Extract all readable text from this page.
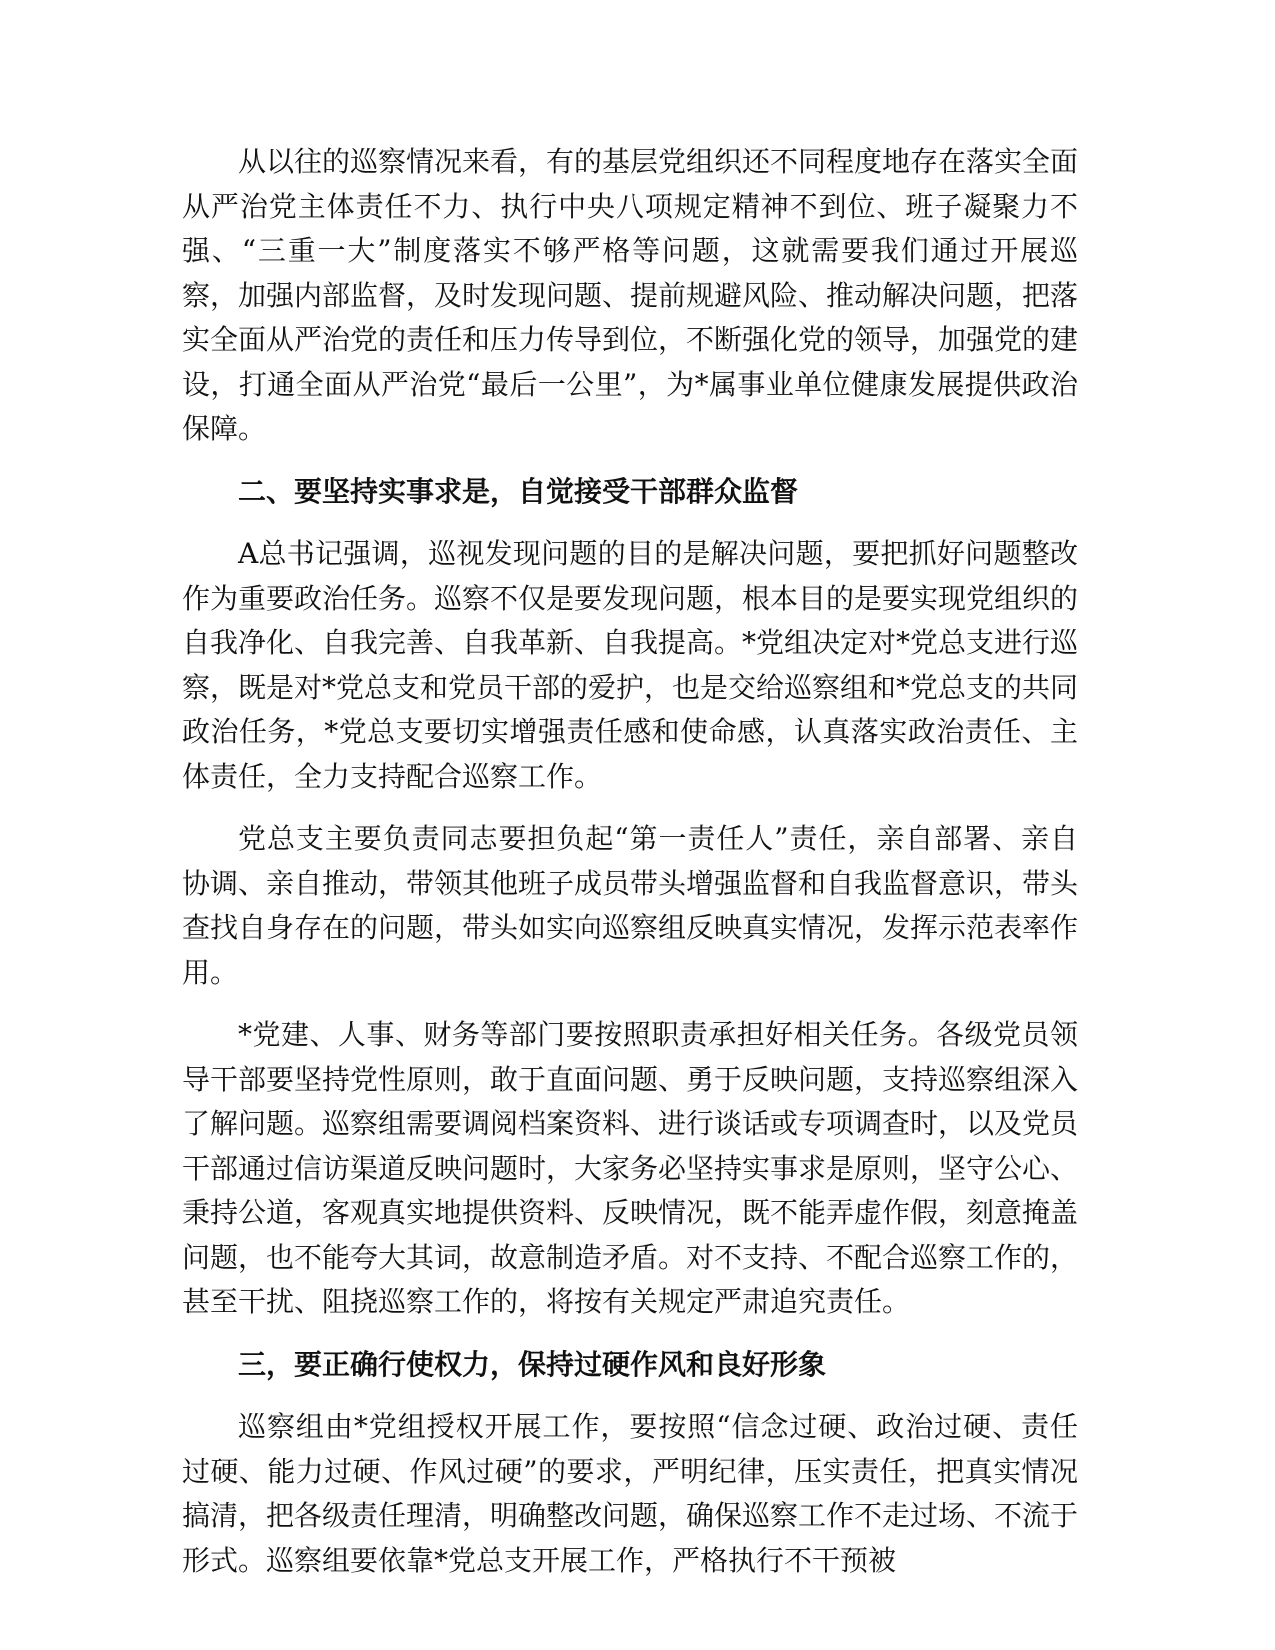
从以往的巡察情况来看，有的基层党组织还不同程度地存在落实全面从严治党主体责任不力、执行中央八项规定精神不到位、班子凝聚力不强、“三重一大”制度落实不够严格等问题，这就需要我们通过开展巡察，加强内部监督，及时发现问题、提前规避风险、推动解决问题，把落实全面从严治党的责任和压力传导到位，不断强化党的领导，加强党的建设，打通全面从严治党“最后一公里”，为*属事业单位健康发展提供政治保障。

二、要坚持实事求是，自觉接受干部群众监督

A总书记强调，巡视发现问题的目的是解决问题，要把抓好问题整改作为重要政治任务。巡察不仅是要发现问题，根本目的是要实现党组织的自我净化、自我完善、自我革新、自我提高。*党组决定对*党总支进行巡察，既是对*党总支和党员干部的爱护，也是交给巡察组和*党总支的共同政治任务，*党总支要切实增强责任感和使命感，认真落实政治责任、主体责任，全力支持配合巡察工作。

党总支主要负责同志要担负起“第一责任人”责任，亲自部署、亲自协调、亲自推动，带领其他班子成员带头增强监督和自我监督意识，带头查找自身存在的问题，带头如实向巡察组反映真实情况，发挥示范表率作用。

*党建、人事、财务等部门要按照职责承担好相关任务。各级党员领导干部要坚持党性原则，敢于直面问题、勇于反映问题，支持巡察组深入了解问题。巡察组需要调阅档案资料、进行谈话或专项调查时，以及党员干部通过信访渠道反映问题时，大家务必坚持实事求是原则，坚守公心、秉持公道，客观真实地提供资料、反映情况，既不能弄虚作假，刻意掩盖问题，也不能夸大其词，故意制造矛盾。对不支持、不配合巡察工作的，甚至干扰、阻挠巡察工作的，将按有关规定严肃追究责任。

三，要正确行使权力，保持过硬作风和良好形象

巡察组由*党组授权开展工作，要按照“信念过硬、政治过硬、责任过硬、能力过硬、作风过硬”的要求，严明纪律，压实责任，把真实情况搞清，把各级责任理清，明确整改问题，确保巡察工作不走过场、不流于形式。巡察组要依靠*党总支开展工作，严格执行不干预被
